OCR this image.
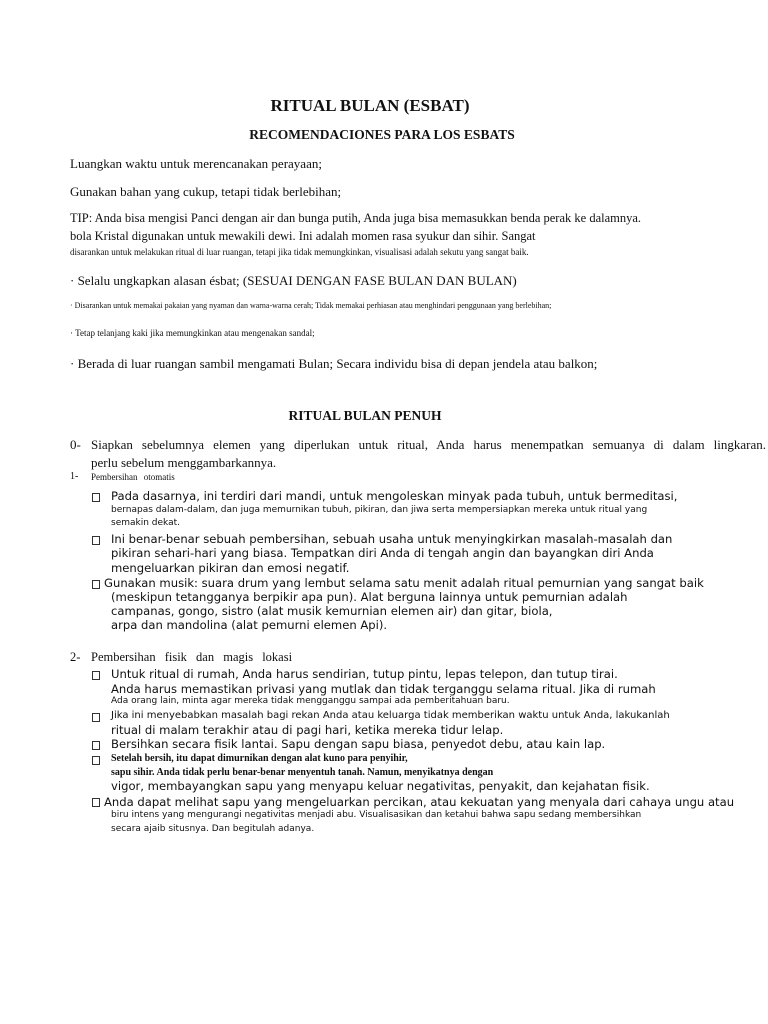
RITUAL BULAN (ESBAT)
RECOMENDACIONES PARA LOS ESBATS
Luangkan waktu untuk merencanakan perayaan;
Gunakan bahan yang cukup, tetapi tidak berlebihan;
TIP: Anda bisa mengisi Panci dengan air dan bunga putih, Anda juga bisa memasukkan benda perak ke dalamnya.
bola Kristal digunakan untuk mewakili dewi. Ini adalah momen rasa syukur dan sihir. Sangat
disarankan untuk melakukan ritual di luar ruangan, tetapi jika tidak memungkinkan, visualisasi adalah sekutu yang sangat baik.
· Selalu ungkapkan alasan ésbat; (SESUAI DENGAN FASE BULAN DAN BULAN)
· Disarankan untuk memakai pakaian yang nyaman dan warna-warna cerah; Tidak memakai perhiasan atau menghindari penggunaan yang berlebihan;
· Tetap telanjang kaki jika memungkinkan atau mengenakan sandal;
· Berada di luar ruangan sambil mengamati Bulan; Secara individu bisa di depan jendela atau balkon;
RITUAL BULAN PENUH
0- Siapkan sebelumnya elemen yang diperlukan untuk ritual, Anda harus menempatkan semuanya di dalam lingkaran.
perlu sebelum menggambarkannya.
1- Pembersihan otomatis
Pada dasarnya, ini terdiri dari mandi, untuk mengoleskan minyak pada tubuh, untuk bermeditasi,
bernapas dalam-dalam, dan juga memurnikan tubuh, pikiran, dan jiwa serta mempersiapkan mereka untuk ritual yang
semakin dekat.
Ini benar-benar sebuah pembersihan, sebuah usaha untuk menyingkirkan masalah-masalah dan
pikiran sehari-hari yang biasa. Tempatkan diri Anda di tengah angin dan bayangkan diri Anda
mengeluarkan pikiran dan emosi negatif.
Gunakan musik: suara drum yang lembut selama satu menit adalah ritual pemurnian yang sangat baik
(meskipun tetangganya berpikir apa pun). Alat berguna lainnya untuk pemurnian adalah
campanas, gongo, sistro (alat musik kemurnian elemen air) dan gitar, biola,
arpa dan mandolina (alat pemurni elemen Api).
2- Pembersihan fisik dan magis lokasi
Untuk ritual di rumah, Anda harus sendirian, tutup pintu, lepas telepon, dan tutup tirai.
Anda harus memastikan privasi yang mutlak dan tidak terganggu selama ritual. Jika di rumah
Ada orang lain, minta agar mereka tidak mengganggu sampai ada pemberitahuan baru.
Jika ini menyebabkan masalah bagi rekan Anda atau keluarga tidak memberikan waktu untuk Anda, lakukanlah
ritual di malam terakhir atau di pagi hari, ketika mereka tidur lelap.
Bersihkan secara fisik lantai. Sapu dengan sapu biasa, penyedot debu, atau kain lap.
Setelah bersih, itu dapat dimurnikan dengan alat kuno para penyihir,
sapu sihir. Anda tidak perlu benar-benar menyentuh tanah. Namun, menyikatnya dengan
vigor, membayangkan sapu yang menyapu keluar negativitas, penyakit, dan kejahatan fisik.
Anda dapat melihat sapu yang mengeluarkan percikan, atau kekuatan yang menyala dari cahaya ungu atau
biru intens yang mengurangi negativitas menjadi abu. Visualisasikan dan ketahui bahwa sapu sedang membersihkan
secara ajaib situsnya. Dan begitulah adanya.
